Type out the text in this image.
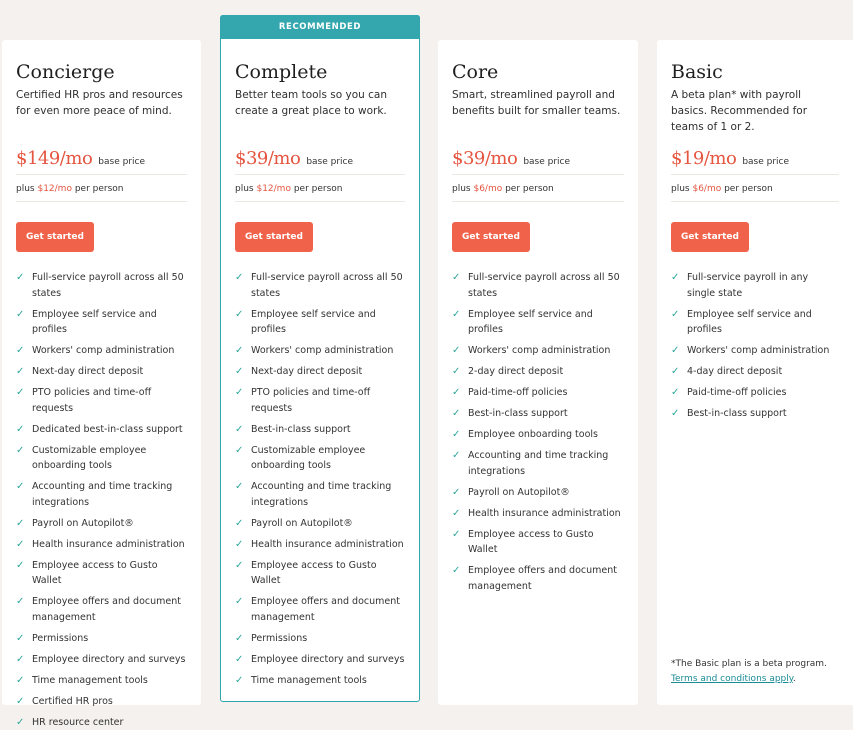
Concierge
Certified HR pros and resources for even more peace of mind.
$149/mo base price
plus $12/mo per person
Get started
✓ Full-service payroll across all 50 states
✓ Employee self service and profiles
✓ Workers' comp administration
✓ Next-day direct deposit
✓ PTO policies and time-off requests
✓ Dedicated best-in-class support
✓ Customizable employee onboarding tools
✓ Accounting and time tracking integrations
✓ Payroll on Autopilot®
✓ Health insurance administration
✓ Employee access to Gusto Wallet
✓ Employee offers and document management
✓ Permissions
✓ Employee directory and surveys
✓ Time management tools
✓ Certified HR pros
✓ HR resource center
RECOMMENDED
Complete
Better team tools so you can create a great place to work.
$39/mo base price
plus $12/mo per person
Get started
✓ Full-service payroll across all 50 states
✓ Employee self service and profiles
✓ Workers' comp administration
✓ Next-day direct deposit
✓ PTO policies and time-off requests
✓ Best-in-class support
✓ Customizable employee onboarding tools
✓ Accounting and time tracking integrations
✓ Payroll on Autopilot®
✓ Health insurance administration
✓ Employee access to Gusto Wallet
✓ Employee offers and document management
✓ Permissions
✓ Employee directory and surveys
✓ Time management tools
Core
Smart, streamlined payroll and benefits built for smaller teams.
$39/mo base price
plus $6/mo per person
Get started
✓ Full-service payroll across all 50 states
✓ Employee self service and profiles
✓ Workers' comp administration
✓ 2-day direct deposit
✓ Paid-time-off policies
✓ Best-in-class support
✓ Employee onboarding tools
✓ Accounting and time tracking integrations
✓ Payroll on Autopilot®
✓ Health insurance administration
✓ Employee access to Gusto Wallet
✓ Employee offers and document management
Basic
A beta plan* with payroll basics. Recommended for teams of 1 or 2.
$19/mo base price
plus $6/mo per person
Get started
✓ Full-service payroll in any single state
✓ Employee self service and profiles
✓ Workers' comp administration
✓ 4-day direct deposit
✓ Paid-time-off policies
✓ Best-in-class support
*The Basic plan is a beta program.
Terms and conditions apply.
